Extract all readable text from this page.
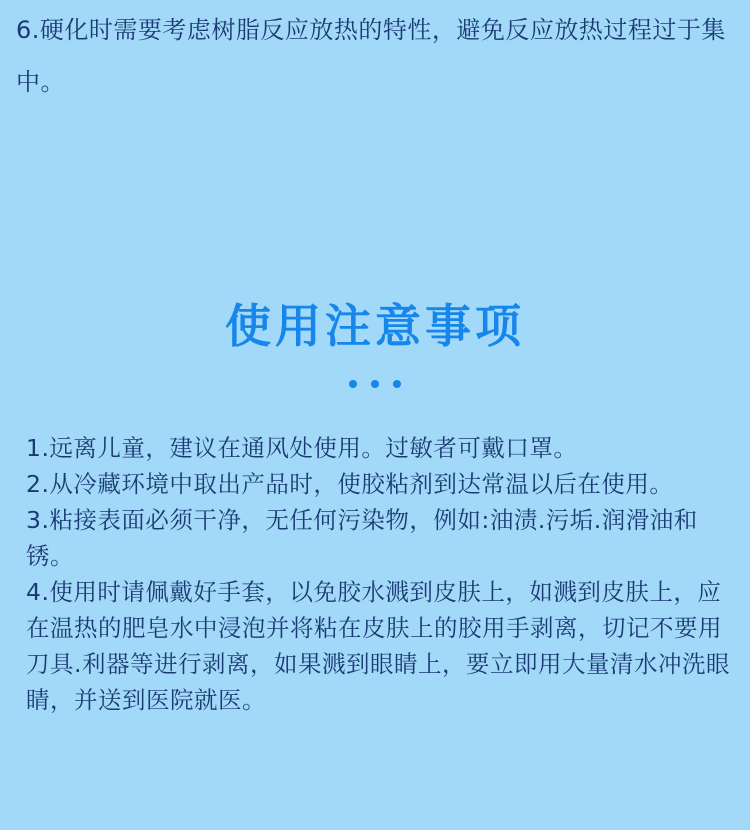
6.硬化时需要考虑树脂反应放热的特性，避免反应放热过程过于集中。
使用注意事项

1.远离儿童，建议在通风处使用。过敏者可戴口罩。

2.从冷藏环境中取出产品时，使胶粘剂到达常温以后在使用。

3.粘接表面必须干净，无任何污染物，例如:油渍.污垢.润滑油和锈。

4.使用时请佩戴好手套，以免胶水溅到皮肤上，如溅到皮肤上，应在温热的肥皂水中浸泡并将粘在皮肤上的胶用手剥离，切记不要用刀具.利器等进行剥离，如果溅到眼睛上，要立即用大量清水冲洗眼睛，并送到医院就医。
